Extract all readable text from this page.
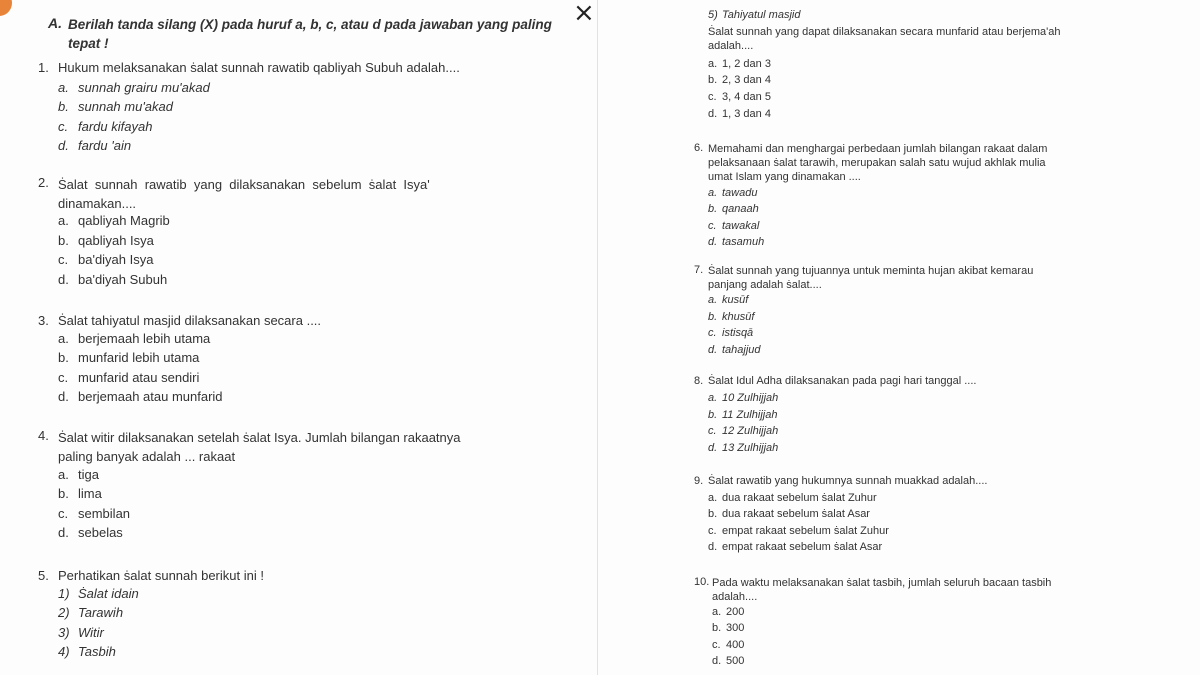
×
A. Berilah tanda silang (X) pada huruf a, b, c, atau d pada jawaban yang paling tepat !
1. Hukum melaksanakan ṡalat sunnah rawatib qabliyah Subuh adalah....
a. sunnah grairu mu'akad
b. sunnah mu'akad
c. fardu kifayah
d. fardu 'ain
2. Ṡalat  sunnah  rawatib  yang  dilaksanakan  sebelum  ṡalat  Isya'
dinamakan....
a. qabliyah Magrib
b. qabliyah Isya
c. ba'diyah Isya
d. ba'diyah Subuh
3. Ṡalat tahiyatul masjid dilaksanakan secara ....
a. berjemaah lebih utama
b. munfarid lebih utama
c. munfarid atau sendiri
d. berjemaah atau munfarid
4. Ṡalat witir dilaksanakan setelah ṡalat Isya. Jumlah bilangan rakaatnya
paling banyak adalah ... rakaat
a. tiga
b. lima
c. sembilan
d. sebelas
5. Perhatikan ṡalat sunnah berikut ini !
1) Ṡalat idain
2) Tarawih
3) Witir
4) Tasbih
5) Tahiyatul masjid
Ṡalat sunnah yang dapat dilaksanakan secara munfarid atau berjema'ah
adalah....
a. 1, 2 dan 3
b. 2, 3 dan 4
c. 3, 4 dan 5
d. 1, 3 dan 4
6. Memahami dan menghargai perbedaan jumlah bilangan rakaat dalam
pelaksanaan ṡalat tarawih, merupakan salah satu wujud akhlak mulia
umat Islam yang dinamakan ....
a. tawadu
b. qanaah
c. tawakal
d. tasamuh
7. Ṡalat sunnah yang tujuannya untuk meminta hujan akibat kemarau
panjang adalah ṡalat....
a. kusūf
b. khusūf
c. istisqā
d. tahajjud
8. Ṡalat Idul Adha dilaksanakan pada pagi hari tanggal ....
a. 10 Zulhijjah
b. 11 Zulhijjah
c. 12 Zulhijjah
d. 13 Zulhijjah
9. Ṡalat rawatib yang hukumnya sunnah muakkad adalah....
a. dua rakaat sebelum ṡalat Zuhur
b. dua rakaat sebelum ṡalat Asar
c. empat rakaat sebelum ṡalat Zuhur
d. empat rakaat sebelum ṡalat Asar
10. Pada waktu melaksanakan ṡalat tasbih, jumlah seluruh bacaan tasbih
adalah....
a. 200
b. 300
c. 400
d. 500
